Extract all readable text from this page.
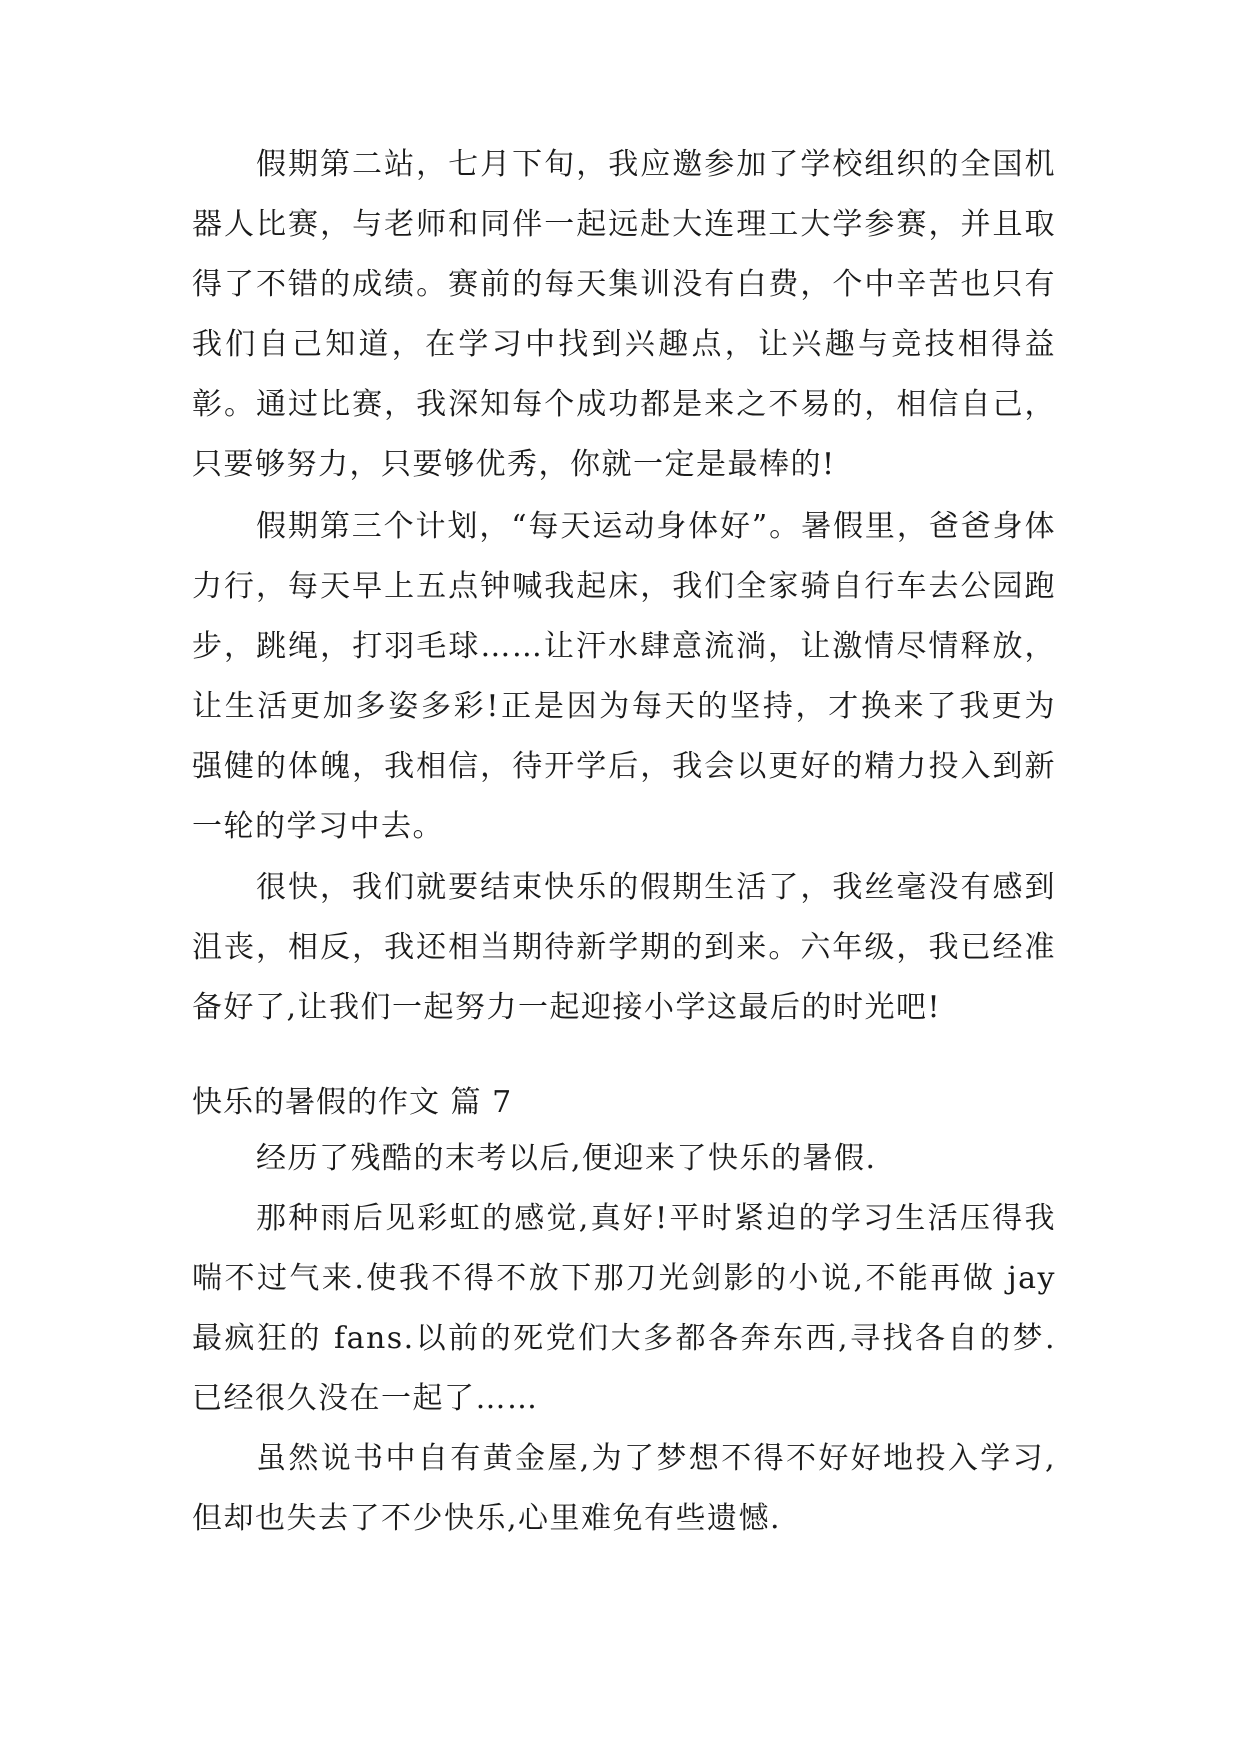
假期第二站，七月下旬，我应邀参加了学校组织的全国机器人比赛，与老师和同伴一起远赴大连理工大学参赛，并且取得了不错的成绩。赛前的每天集训没有白费，个中辛苦也只有我们自己知道，在学习中找到兴趣点，让兴趣与竞技相得益彰。通过比赛，我深知每个成功都是来之不易的，相信自己，只要够努力，只要够优秀，你就一定是最棒的!

假期第三个计划，“每天运动身体好”。暑假里，爸爸身体力行，每天早上五点钟喊我起床，我们全家骑自行车去公园跑步，跳绳，打羽毛球……让汗水肆意流淌，让激情尽情释放，让生活更加多姿多彩!正是因为每天的坚持，才换来了我更为强健的体魄，我相信，待开学后，我会以更好的精力投入到新一轮的学习中去。

很快，我们就要结束快乐的假期生活了，我丝毫没有感到沮丧，相反，我还相当期待新学期的到来。六年级，我已经准备好了,让我们一起努力一起迎接小学这最后的时光吧!

快乐的暑假的作文 篇 7

经历了残酷的末考以后,便迎来了快乐的暑假.

那种雨后见彩虹的感觉,真好!平时紧迫的学习生活压得我喘不过气来.使我不得不放下那刀光剑影的小说,不能再做 jay 最疯狂的 fans.以前的死党们大多都各奔东西,寻找各自的梦.已经很久没在一起了……

虽然说书中自有黄金屋,为了梦想不得不好好地投入学习,但却也失去了不少快乐,心里难免有些遗憾.
